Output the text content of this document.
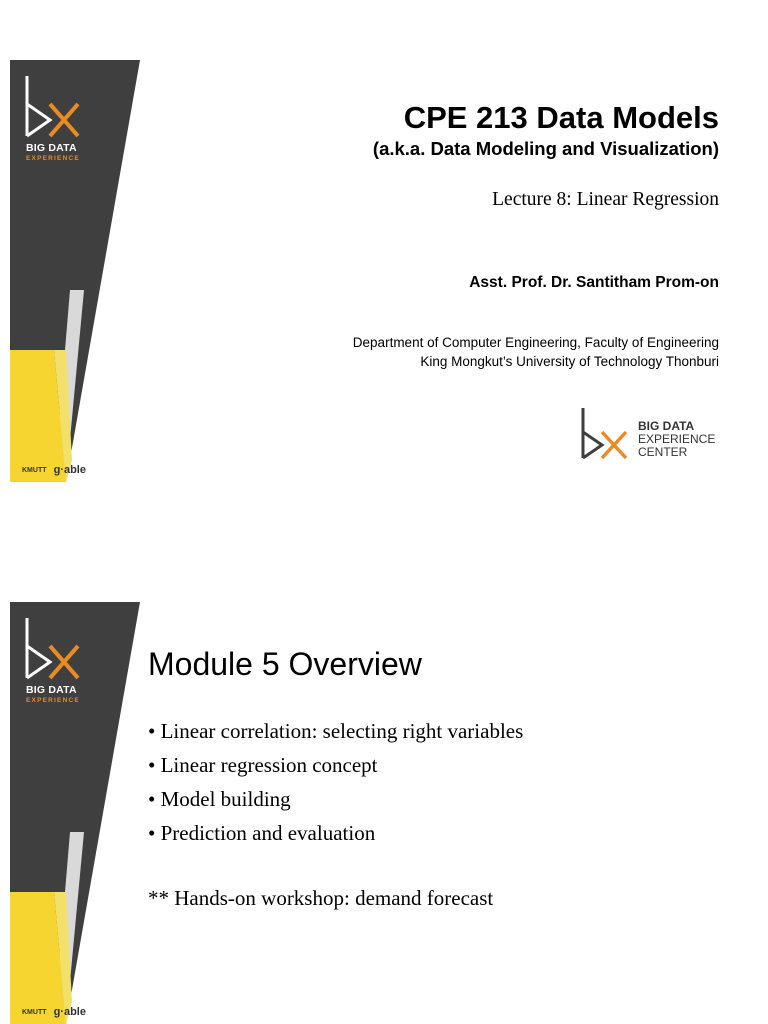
BIG DATA
EXPERIENCE
KMUTT g·able
CPE 213 Data Models
(a.k.a. Data Modeling and Visualization)
Lecture 8: Linear Regression
Asst. Prof. Dr. Santitham Prom-on
Department of Computer Engineering, Faculty of Engineering
King Mongkut’s University of Technology Thonburi
BIG DATA
EXPERIENCE
CENTER
BIG DATA
EXPERIENCE
KMUTT g·able
Module 5 Overview
• Linear correlation: selecting right variables
• Linear regression concept
• Model building
• Prediction and evaluation
** Hands-on workshop: demand forecast
